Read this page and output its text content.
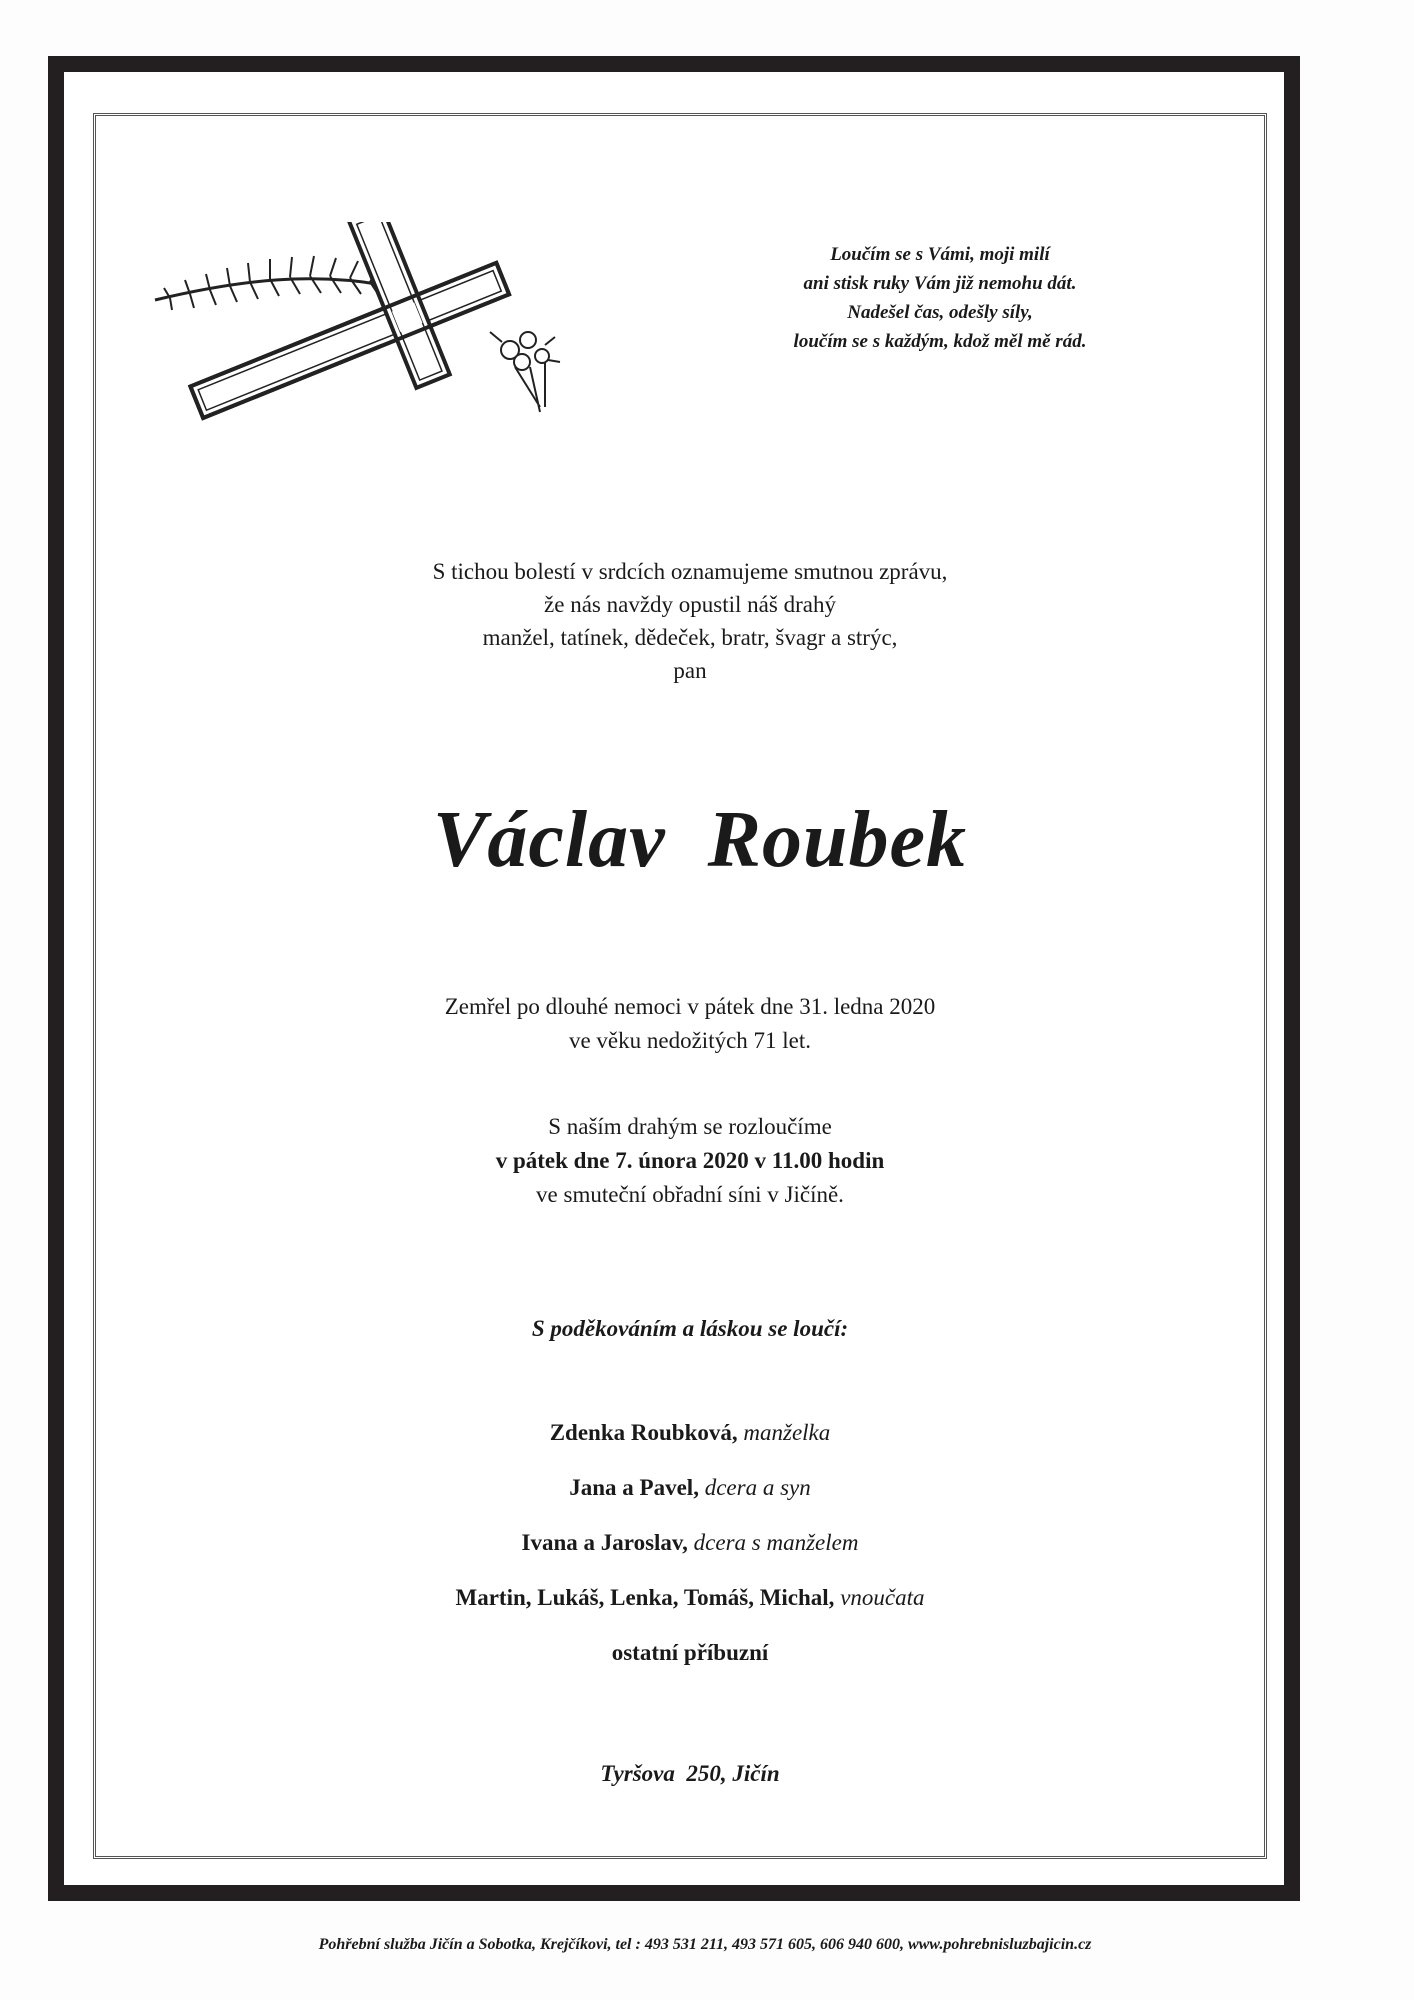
Loučím se s Vámi, moji milí
ani stisk ruky Vám již nemohu dát.
Nadešel čas, odešly síly,
loučím se s každým, kdož měl mě rád.
S tichou bolestí v srdcích oznamujeme smutnou zprávu,
že nás navždy opustil náš drahý
manžel, tatínek, dědeček, bratr, švagr a strýc,
pan
Václav  Roubek
Zemřel po dlouhé nemoci v pátek dne 31. ledna 2020
ve věku nedožitých 71 let.
S naším drahým se rozloučíme
v pátek dne 7. února 2020 v 11.00 hodin
ve smuteční obřadní síni v Jičíně.
S poděkováním a láskou se loučí:
Zdenka Roubková, manželka
Jana a Pavel, dcera a syn
Ivana a Jaroslav, dcera s manželem
Martin, Lukáš, Lenka, Tomáš, Michal, vnoučata
ostatní příbuzní
Tyršova  250, Jičín
Pohřební služba Jičín a Sobotka, Krejčíkovi, tel : 493 531 211, 493 571 605, 606 940 600, www.pohrebnisluzbajicin.cz
